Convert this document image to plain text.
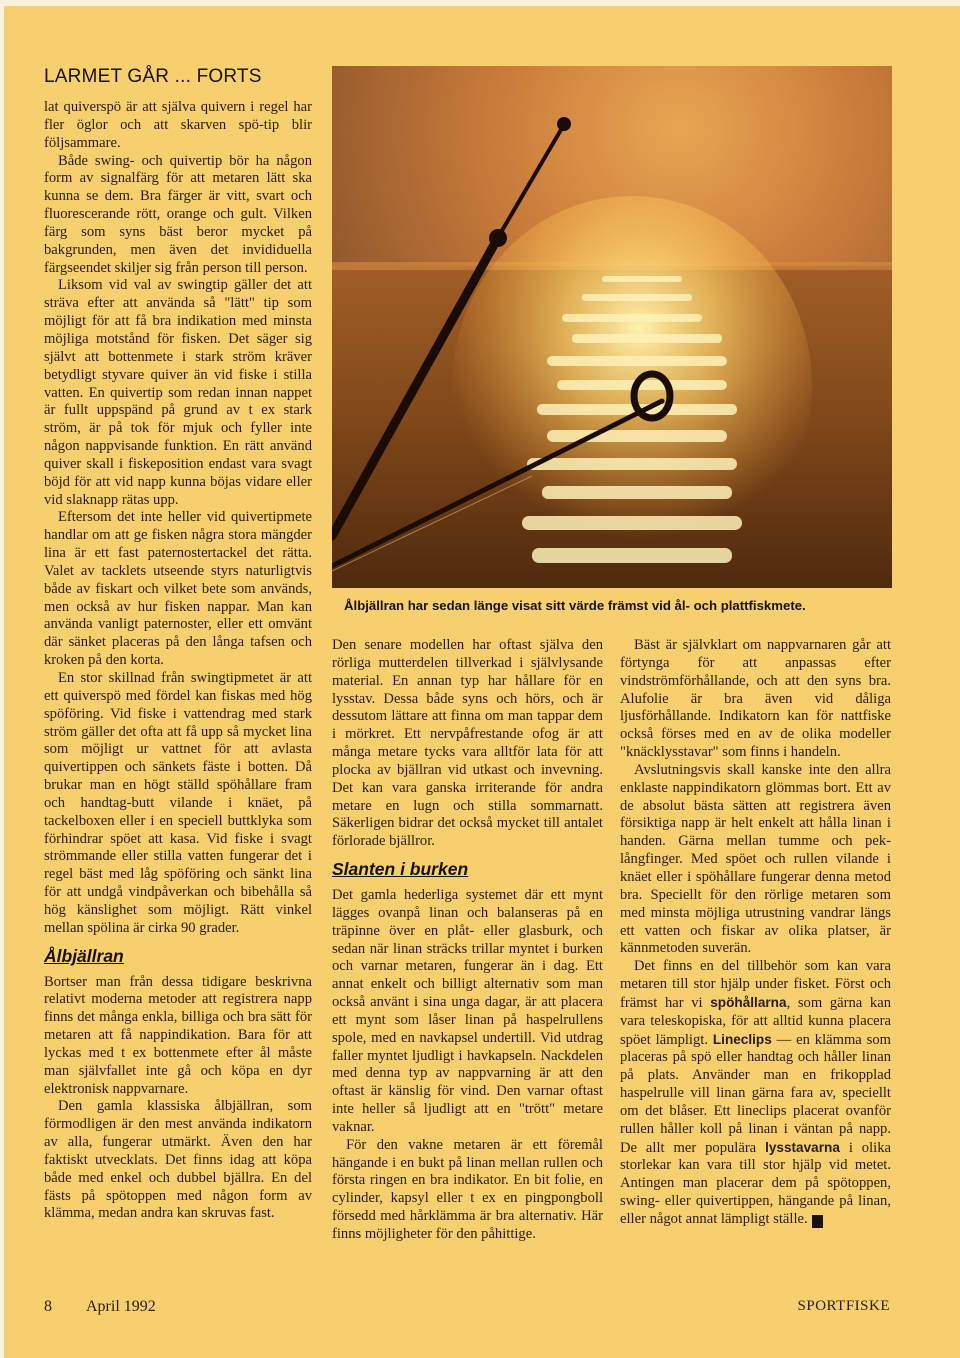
LARMET GÅR ... FORTS

lat quiverspö är att själva quivern i regel har fler öglor och att skarven spö-tip blir följsammare.

Både swing- och quivertip bör ha någon form av signalfärg för att metaren lätt ska kunna se dem. Bra färger är vitt, svart och fluorescerande rött, orange och gult. Vilken färg som syns bäst beror mycket på bakgrunden, men även det invididuella färgseendet skiljer sig från person till person.

Liksom vid val av swingtip gäller det att sträva efter att använda så "lätt" tip som möjligt för att få bra indikation med minsta möjliga motstånd för fisken. Det säger sig självt att bottenmete i stark ström kräver betydligt styvare quiver än vid fiske i stilla vatten. En quivertip som redan innan nappet är fullt uppspänd på grund av t ex stark ström, är på tok för mjuk och fyller inte någon nappvisande funktion. En rätt använd quiver skall i fiskeposition endast vara svagt böjd för att vid napp kunna böjas vidare eller vid slaknapp rätas upp.

Eftersom det inte heller vid quivertipmete handlar om att ge fisken några stora mängder lina är ett fast paternostertackel det rätta. Valet av tacklets utseende styrs naturligtvis både av fiskart och vilket bete som används, men också av hur fisken nappar. Man kan använda vanligt paternoster, eller ett omvänt där sänket placeras på den långa tafsen och kroken på den korta.

En stor skillnad från swingtipmetet är att ett quiverspö med fördel kan fiskas med hög spöföring. Vid fiske i vattendrag med stark ström gäller det ofta att få upp så mycket lina som möjligt ur vattnet för att avlasta quivertippen och sänkets fäste i botten. Då brukar man en högt ställd spöhållare fram och handtag-butt vilande i knäet, på tackelboxen eller i en speciell buttklyka som förhindrar spöet att kasa. Vid fiske i svagt strömmande eller stilla vatten fungerar det i regel bäst med låg spöföring och sänkt lina för att undgå vindpåverkan och bibehålla så hög känslighet som möjligt. Rätt vinkel mellan spölina är cirka 90 grader.

Ålbjällran

Bortser man från dessa tidigare beskrivna relativt moderna metoder att registrera napp finns det många enkla, billiga och bra sätt för metaren att få nappindikation. Bara för att lyckas med t ex bottenmete efter ål måste man självfallet inte gå och köpa en dyr elektronisk nappvarnare.

Den gamla klassiska ålbjällran, som förmodligen är den mest använda indikatorn av alla, fungerar utmärkt. Även den har faktiskt utvecklats. Det finns idag att köpa både med enkel och dubbel bjällra. En del fästs på spötoppen med någon form av klämma, medan andra kan skruvas fast.

Ålbjällran har sedan länge visat sitt värde främst vid ål- och plattfiskmete.

Den senare modellen har oftast själva den rörliga mutterdelen tillverkad i självlysande material. En annan typ har hållare för en lysstav. Dessa både syns och hörs, och är dessutom lättare att finna om man tappar dem i mörkret. Ett nervpåfrestande ofog är att många metare tycks vara alltför lata för att plocka av bjällran vid utkast och invevning. Det kan vara ganska irriterande för andra metare en lugn och stilla sommarnatt. Säkerligen bidrar det också mycket till antalet förlorade bjällror.

Slanten i burken

Det gamla hederliga systemet där ett mynt lägges ovanpå linan och balanseras på en träpinne över en plåt- eller glasburk, och sedan när linan sträcks trillar myntet i burken och varnar metaren, fungerar än i dag. Ett annat enkelt och billigt alternativ som man också använt i sina unga dagar, är att placera ett mynt som låser linan på haspelrullens spole, med en navkapsel undertill. Vid utdrag faller myntet ljudligt i havkapseln. Nackdelen med denna typ av nappvarning är att den oftast är känslig för vind. Den varnar oftast inte heller så ljudligt att en "trött" metare vaknar.

För den vakne metaren är ett föremål hängande i en bukt på linan mellan rullen och första ringen en bra indikator. En bit folie, en cylinder, kapsyl eller t ex en pingpongboll försedd med hårklämma är bra alternativ. Här finns möjligheter för den påhittige.

Bäst är självklart om nappvarnaren går att förtynga för att anpassas efter vindströmförhållande, och att den syns bra. Alufolie är bra även vid dåliga ljusförhållande. Indikatorn kan för nattfiske också förses med en av de olika modeller "knäcklysstavar" som finns i handeln.

Avslutningsvis skall kanske inte den allra enklaste nappindikatorn glömmas bort. Ett av de absolut bästa sätten att registrera även försiktiga napp är helt enkelt att hålla linan i handen. Gärna mellan tumme och pek-långfinger. Med spöet och rullen vilande i knäet eller i spöhållare fungerar denna metod bra. Speciellt för den rörlige metaren som med minsta möjliga utrustning vandrar längs ett vatten och fiskar av olika platser, är kännmetoden suverän.

Det finns en del tillbehör som kan vara metaren till stor hjälp under fisket. Först och främst har vi spöhållarna, som gärna kan vara teleskopiska, för att alltid kunna placera spöet lämpligt. Lineclips — en klämma som placeras på spö eller handtag och håller linan på plats. Använder man en frikopplad haspelrulle vill linan gärna fara av, speciellt om det blåser. Ett lineclips placerat ovanför rullen håller koll på linan i väntan på napp. De allt mer populära lysstavarna i olika storlekar kan vara till stor hjälp vid metet. Antingen man placerar dem på spötoppen, swing- eller quivertippen, hängande på linan, eller något annat lämpligt ställe. D

8 April 1992	SPORTFISKE
